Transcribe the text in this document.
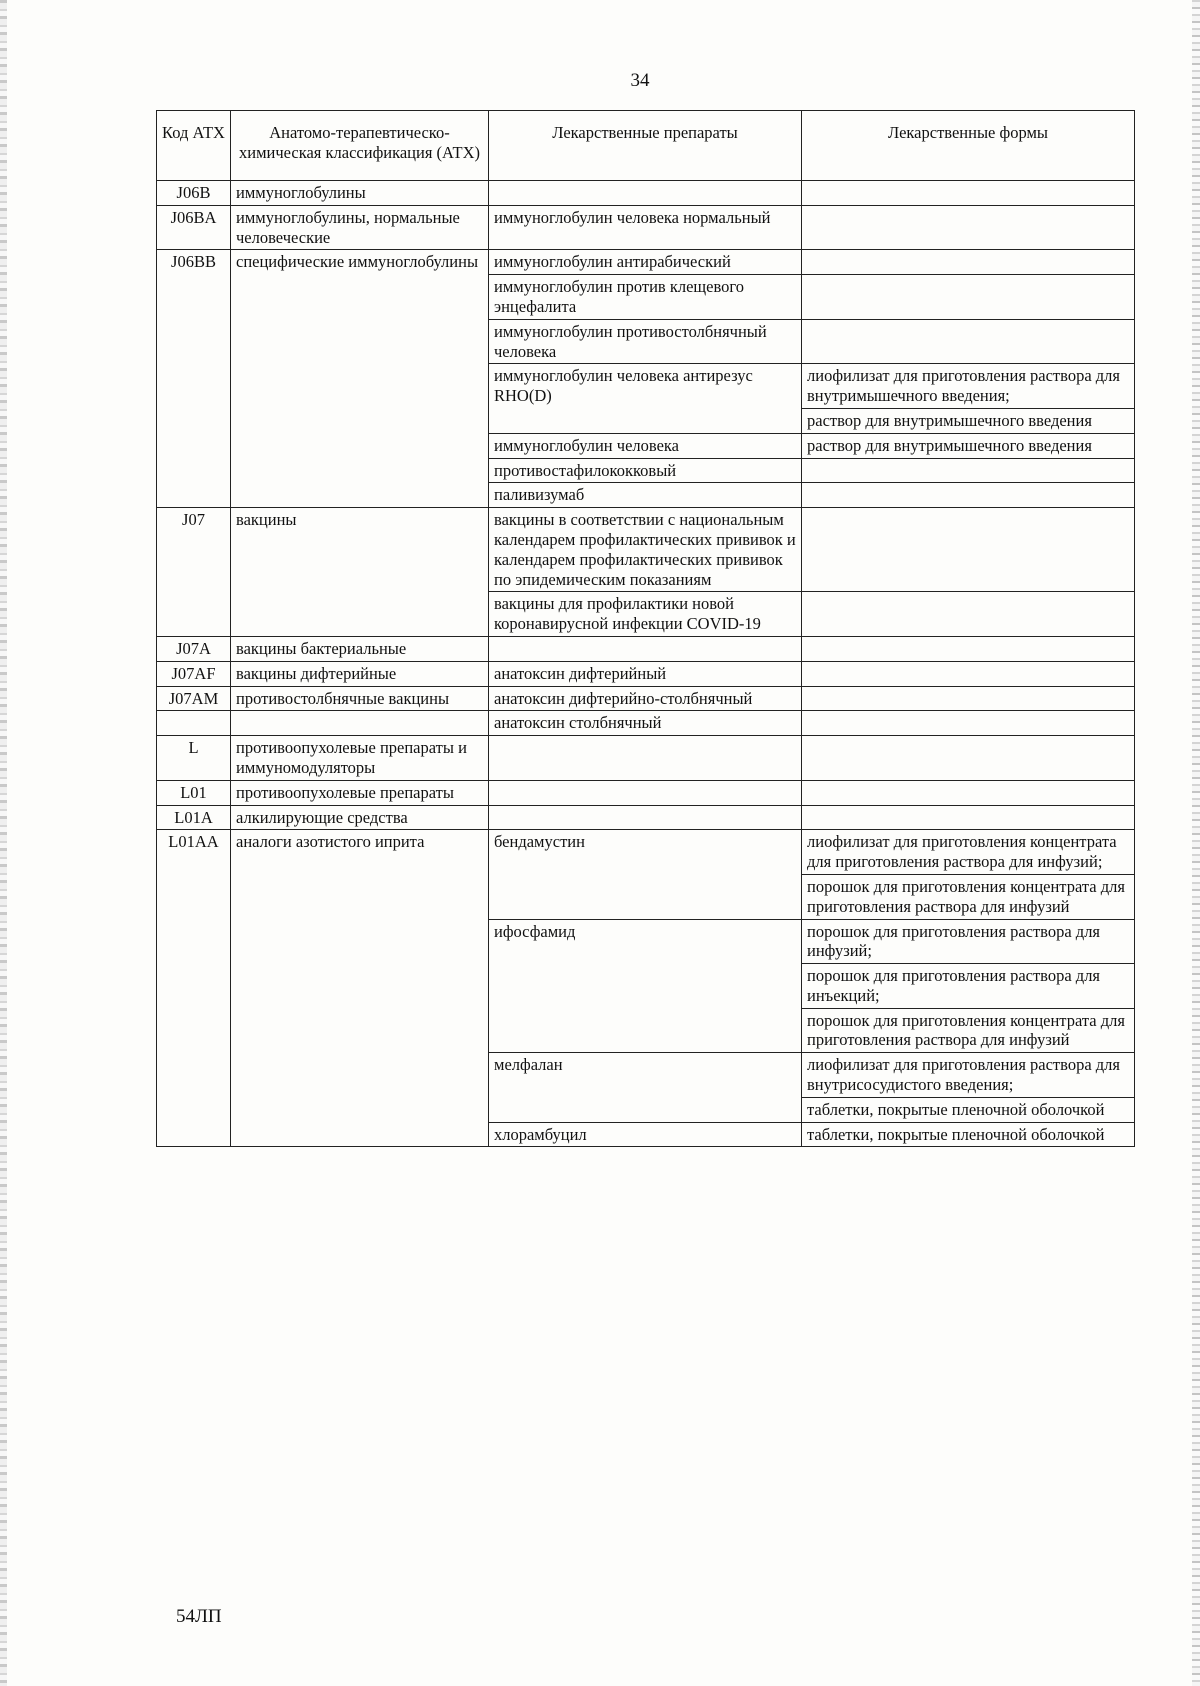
34
Код АТХ	Анатомо-терапевтическо-химическая классификация (АТХ)	Лекарственные препараты	Лекарственные формы
J06B	иммуноглобулины		
J06BA	иммуноглобулины, нормальные человеческие	иммуноглобулин человека нормальный	
J06BB	специфические иммуноглобулины	иммуноглобулин антирабический	
		иммуноглобулин против клещевого энцефалита	
		иммуноглобулин противостолбнячный человека	
		иммуноглобулин человека антирезус RHO(D)	лиофилизат для приготовления раствора для внутримышечного введения;
			раствор для внутримышечного введения
		иммуноглобулин человека	раствор для внутримышечного введения
		противостафилококковый	
		паливизумаб	
J07	вакцины	вакцины в соответствии с национальным календарем профилактических прививок и календарем профилактических прививок по эпидемическим показаниям	
		вакцины для профилактики новой коронавирусной инфекции COVID-19	
J07A	вакцины бактериальные		
J07AF	вакцины дифтерийные	анатоксин дифтерийный	
J07AM	противостолбнячные вакцины	анатоксин дифтерийно-столбнячный	
		анатоксин столбнячный	
L	противоопухолевые препараты и иммуномодуляторы		
L01	противоопухолевые препараты		
L01A	алкилирующие средства		
L01AA	аналоги азотистого иприта	бендамустин	лиофилизат для приготовления концентрата для приготовления раствора для инфузий;
			порошок для приготовления концентрата для приготовления раствора для инфузий
		ифосфамид	порошок для приготовления раствора для инфузий;
			порошок для приготовления раствора для инъекций;
			порошок для приготовления концентрата для приготовления раствора для инфузий
		мелфалан	лиофилизат для приготовления раствора для внутрисосудистого введения;
			таблетки, покрытые пленочной оболочкой
		хлорамбуцил	таблетки, покрытые пленочной оболочкой
54ЛП
